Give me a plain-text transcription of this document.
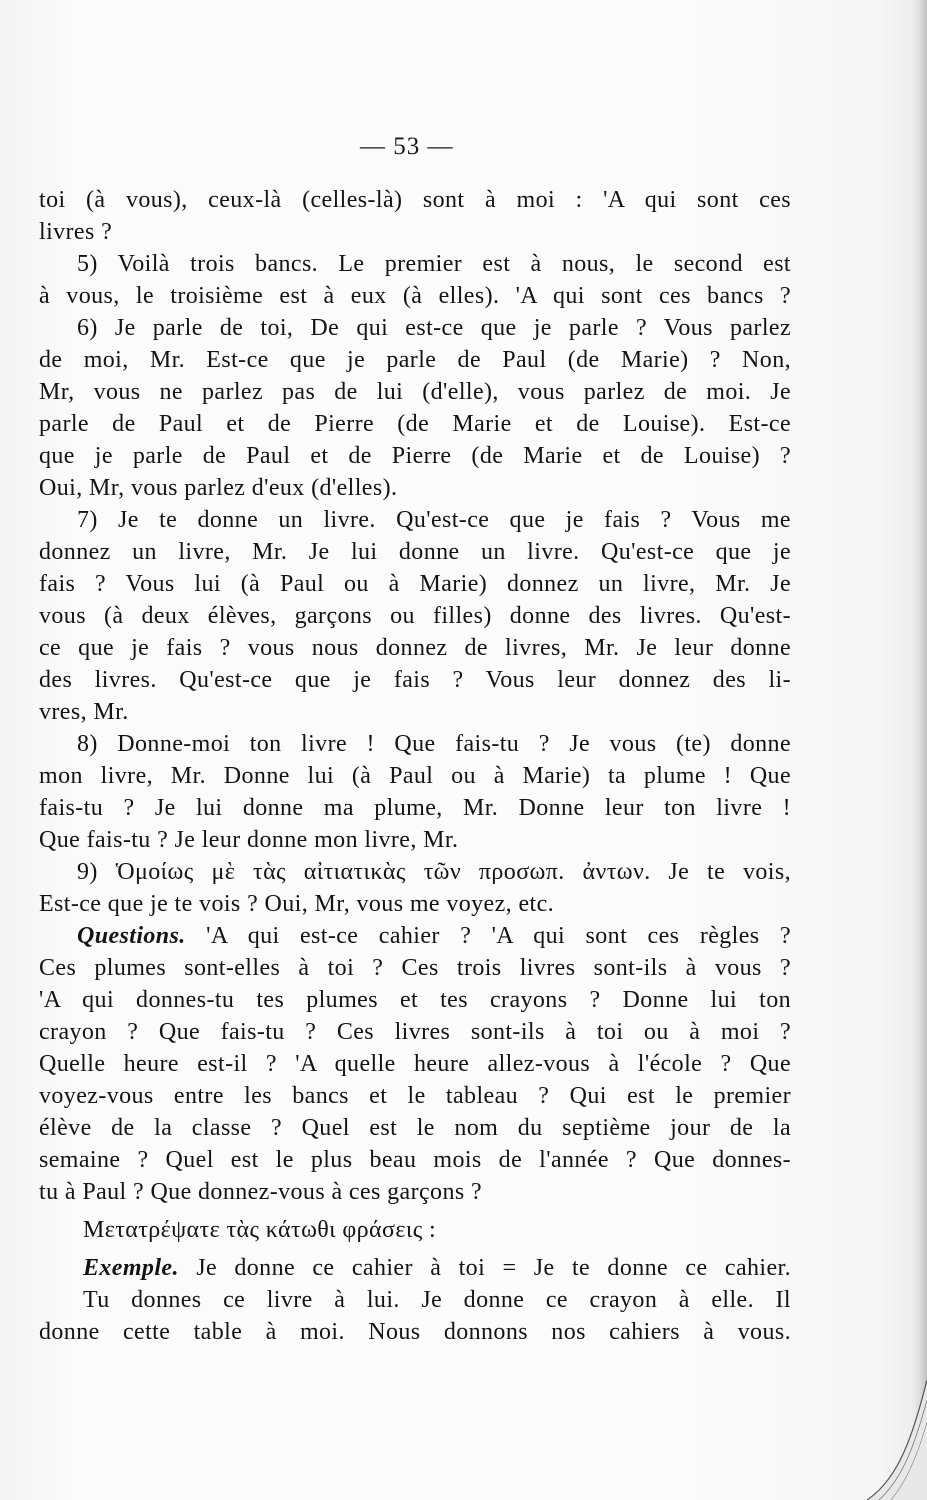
— 53 —
toi (à vous), ceux-là (celles-là) sont à moi : 'A qui sont ces
livres ?
5) Voilà trois bancs. Le premier est à nous, le second est
à vous, le troisième est à eux (à elles). 'A qui sont ces bancs ?
6) Je parle de toi, De qui est-ce que je parle ? Vous parlez
de moi, Mr. Est-ce que je parle de Paul (de Marie) ? Non,
Mr, vous ne parlez pas de lui (d'elle), vous parlez de moi. Je
parle de Paul et de Pierre (de Marie et de Louise). Est-ce
que je parle de Paul et de Pierre (de Marie et de Louise) ?
Oui, Mr, vous parlez d'eux (d'elles).
7) Je te donne un livre. Qu'est-ce que je fais ? Vous me
donnez un livre, Mr. Je lui donne un livre. Qu'est-ce que je
fais ? Vous lui (à Paul ou à Marie) donnez un livre, Mr. Je
vous (à deux élèves, garçons ou filles) donne des livres. Qu'est-
ce que je fais ? vous nous donnez de livres, Mr. Je leur donne
des livres. Qu'est-ce que je fais ? Vous leur donnez des li-
vres, Mr.
8) Donne-moi ton livre ! Que fais-tu ? Je vous (te) donne
mon livre, Mr. Donne lui (à Paul ou à Marie) ta plume ! Que
fais-tu ? Je lui donne ma plume, Mr. Donne leur ton livre !
Que fais-tu ? Je leur donne mon livre, Mr.
9) Ὁμοίως μὲ τὰς αἰτιατικὰς τῶν προσωπ. ἀντων. Je te vois,
Est-ce que je te vois ? Oui, Mr, vous me voyez, etc.
Questions. 'A qui est-ce cahier ? 'A qui sont ces règles ?
Ces plumes sont-elles à toi ? Ces trois livres sont-ils à vous ?
'A qui donnes-tu tes plumes et tes crayons ? Donne lui ton
crayon ? Que fais-tu ? Ces livres sont-ils à toi ou à moi ?
Quelle heure est-il ? 'A quelle heure allez-vous à l'école ? Que
voyez-vous entre les bancs et le tableau ? Qui est le premier
élève de la classe ? Quel est le nom du septième jour de la
semaine ? Quel est le plus beau mois de l'année ? Que donnes-
tu à Paul ? Que donnez-vous à ces garçons ?
Μετατρέψατε τὰς κάτωθι φράσεις :
Exemple. Je donne ce cahier à toi = Je te donne ce cahier.
Tu donnes ce livre à lui. Je donne ce crayon à elle. Il
donne cette table à moi. Nous donnons nos cahiers à vous.
